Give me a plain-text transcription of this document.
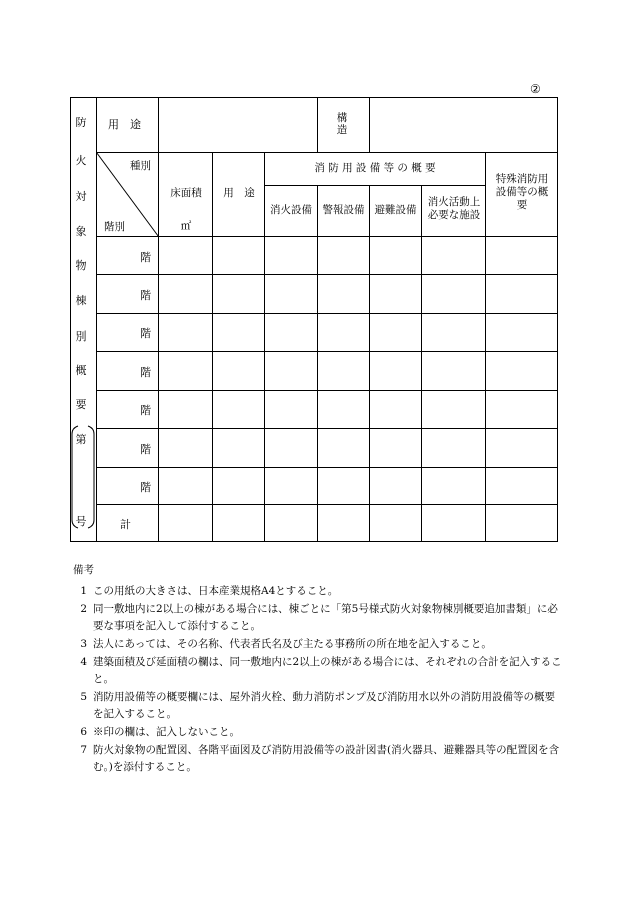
②
防
火
対
象
物
棟
別
概
要
第
号
用　途	構造
種別
階別
床面積
㎡
用　途
消 防 用 設 備 等 の 概 要
消火設備	警報設備 避難設備
消火活動上必要な施設
特殊消防用設備等の概要
階
階
階
階
階
階
階
計
備考
1 この用紙の大きさは、日本産業規格A4とすること。
2 同一敷地内に2以上の棟がある場合には、棟ごとに「第5号様式防火対象物棟別概要追加書類」に必要な事項を記入して添付すること。
3 法人にあっては、その名称、代表者氏名及び主たる事務所の所在地を記入すること。
4 建築面積及び延面積の欄は、同一敷地内に2以上の棟がある場合には、それぞれの合計を記入すること。
5 消防用設備等の概要欄には、屋外消火栓、動力消防ポンプ及び消防用水以外の消防用設備等の概要を記入すること。
6 ※印の欄は、記入しないこと。
7 防火対象物の配置図、各階平面図及び消防用設備等の設計図書(消火器具、避難器具等の配置図を含む。)を添付すること。
